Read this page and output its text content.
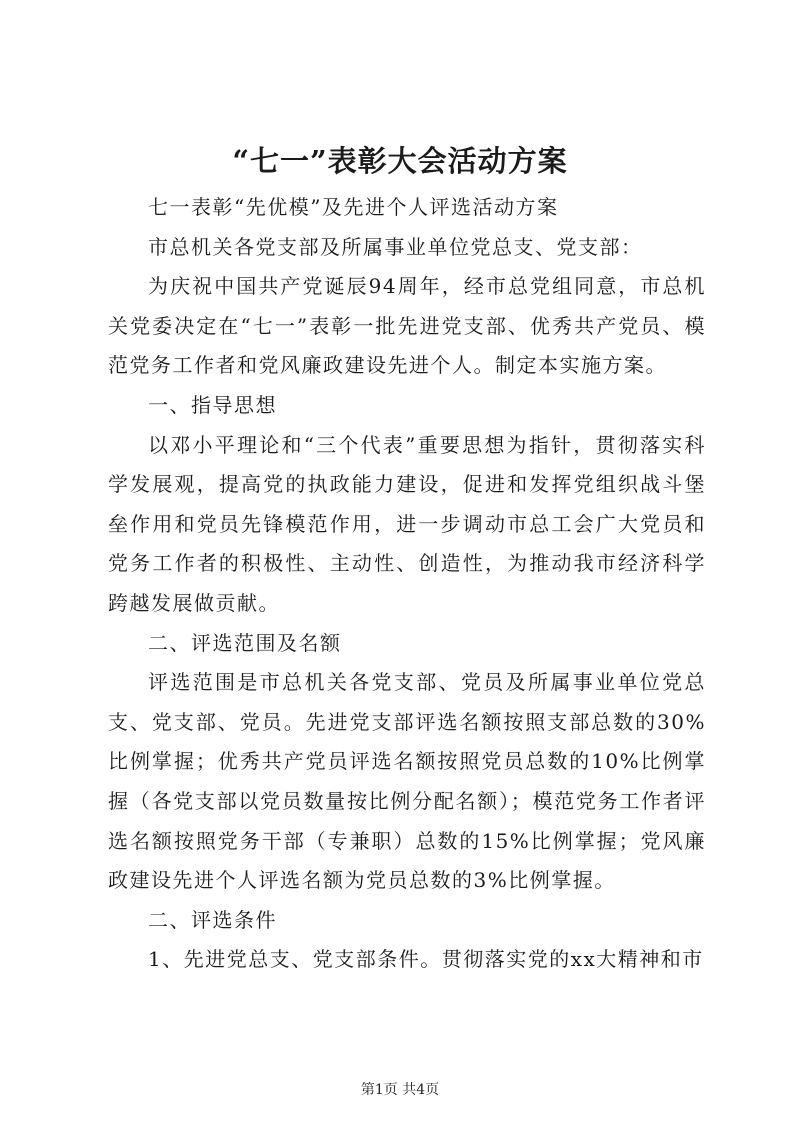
“七一”表彰大会活动方案

七一表彰“先优模”及先进个人评选活动方案

市总机关各党支部及所属事业单位党总支、党支部：

为庆祝中国共产党诞辰94周年，经市总党组同意，市总机关党委决定在“七一”表彰一批先进党支部、优秀共产党员、模范党务工作者和党风廉政建设先进个人。制定本实施方案。

一、指导思想

以邓小平理论和“三个代表”重要思想为指针，贯彻落实科学发展观，提高党的执政能力建设，促进和发挥党组织战斗堡垒作用和党员先锋模范作用，进一步调动市总工会广大党员和党务工作者的积极性、主动性、创造性，为推动我市经济科学跨越发展做贡献。

二、评选范围及名额

评选范围是市总机关各党支部、党员及所属事业单位党总支、党支部、党员。先进党支部评选名额按照支部总数的30%比例掌握；优秀共产党员评选名额按照党员总数的10%比例掌握（各党支部以党员数量按比例分配名额）；模范党务工作者评选名额按照党务干部（专兼职）总数的15%比例掌握；党风廉政建设先进个人评选名额为党员总数的3%比例掌握。

二、评选条件

1、先进党总支、党支部条件。贯彻落实党的xx大精神和市

第1页 共4页
